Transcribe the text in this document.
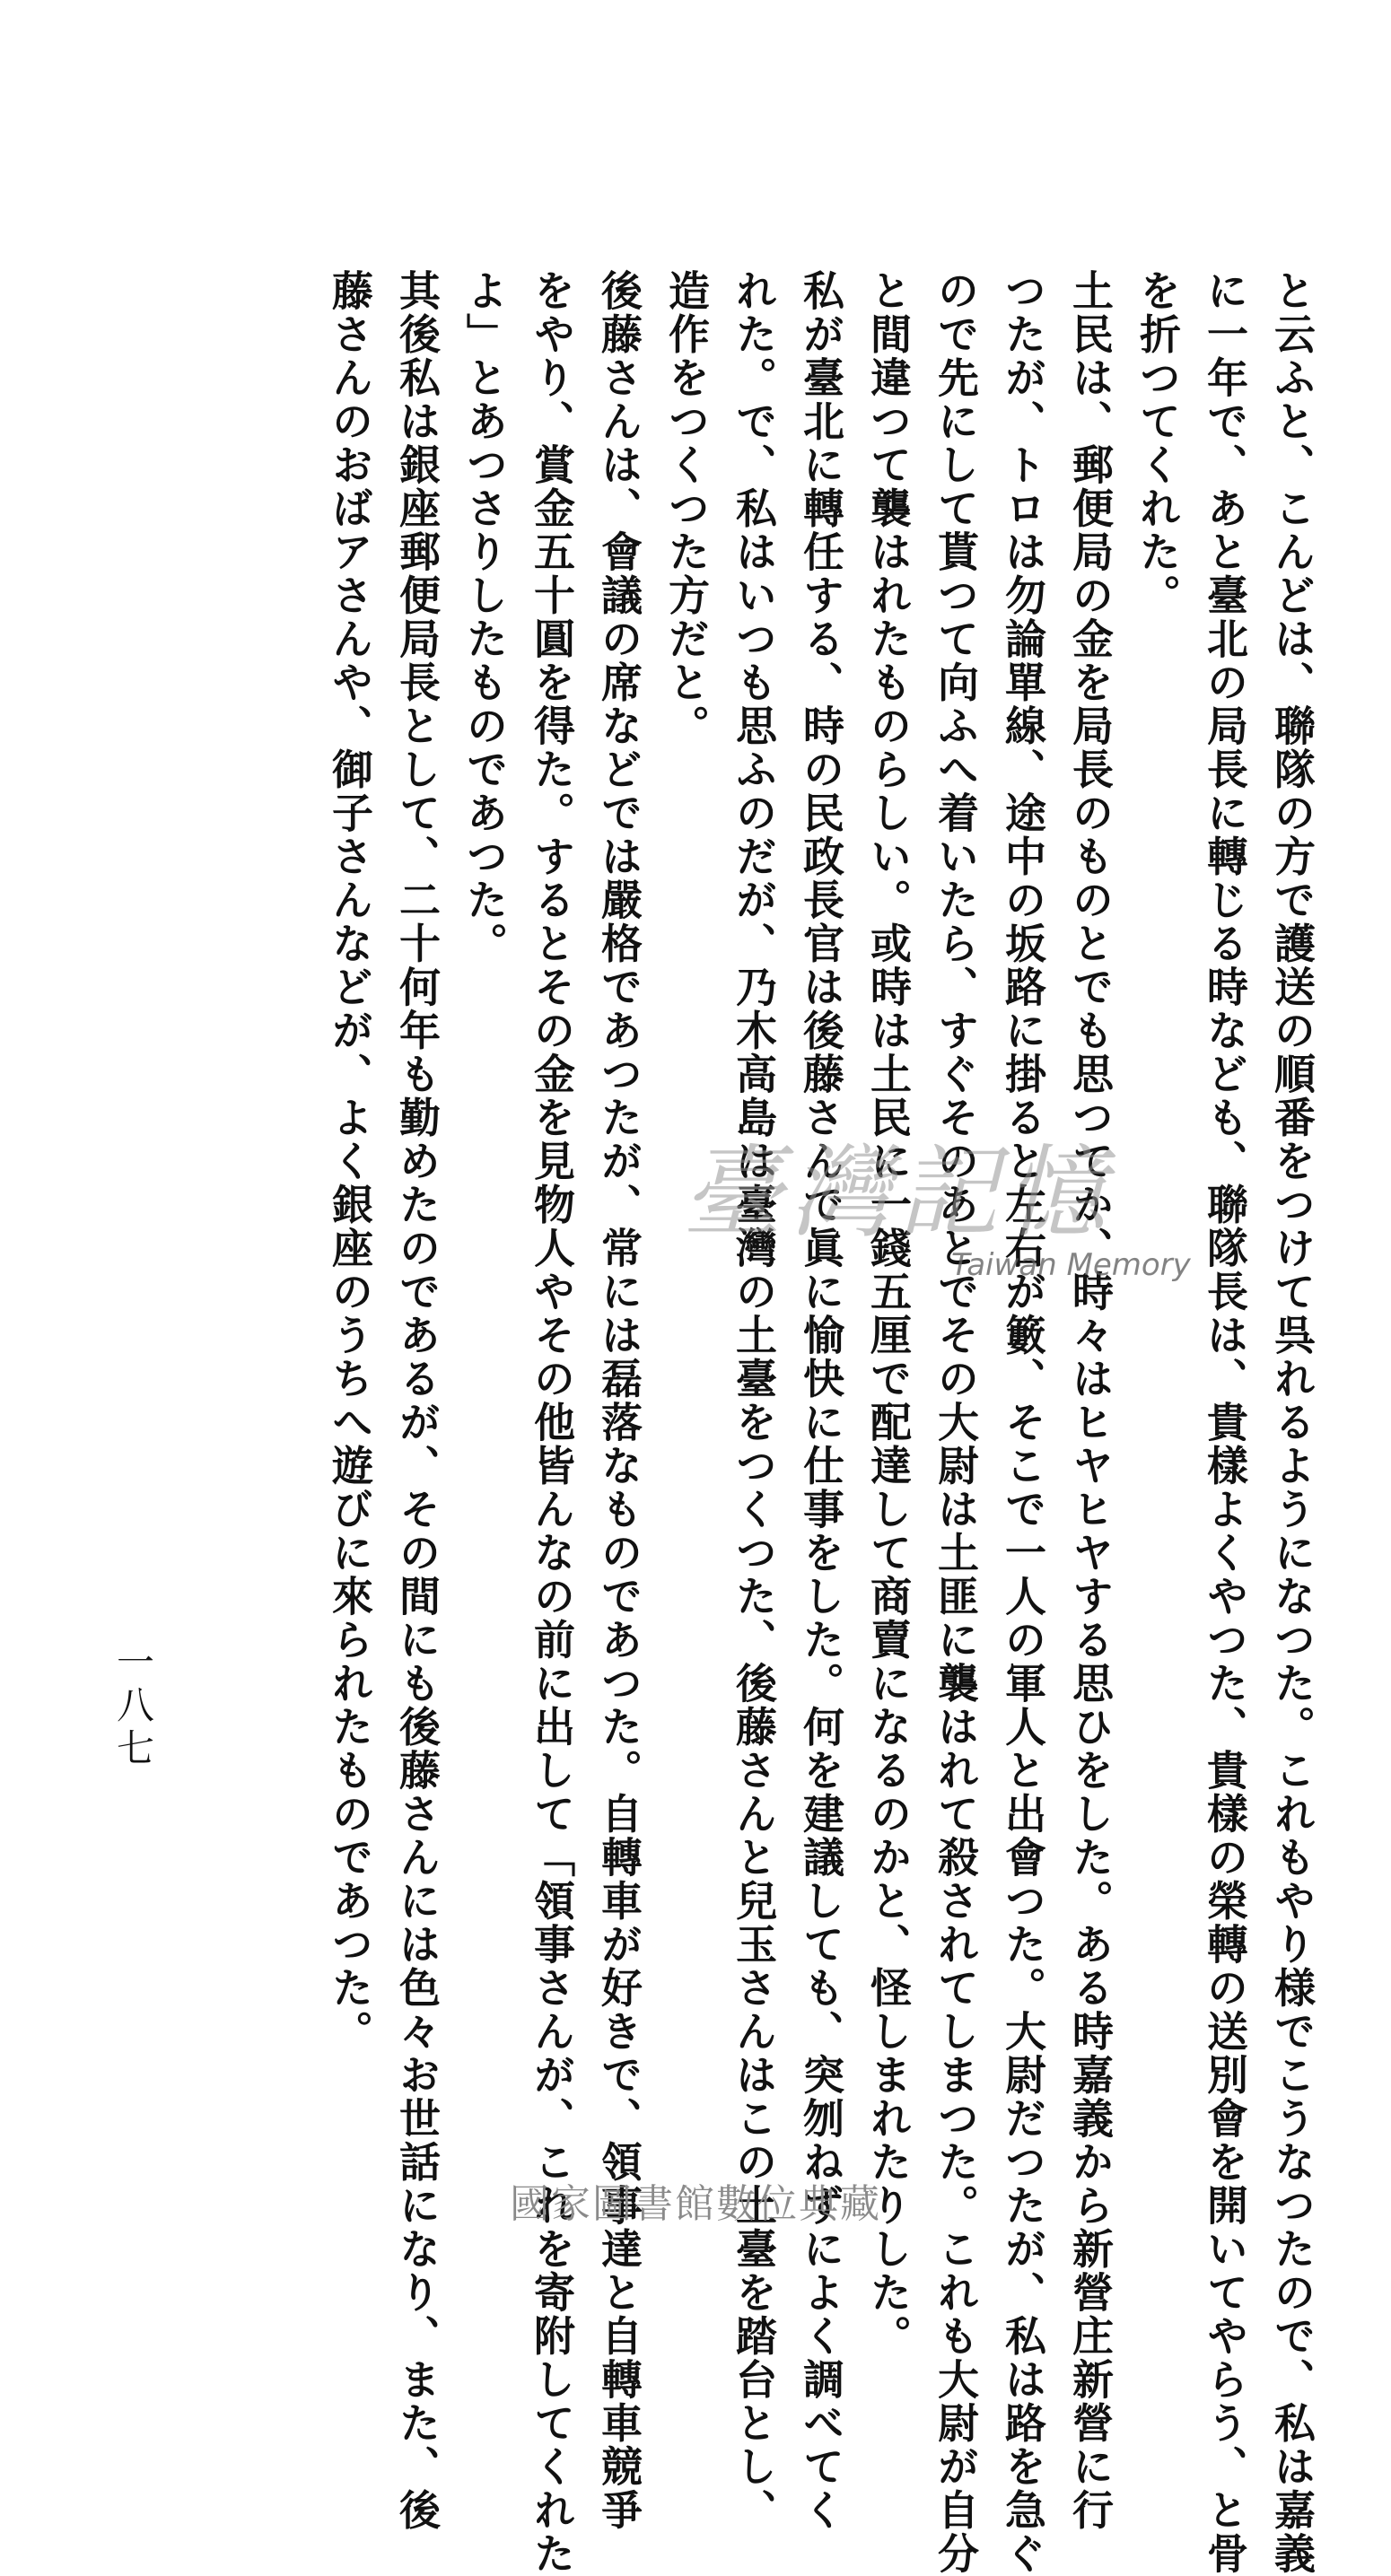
と云ふと、こんどは、聯隊の方で護送の順番をつけて呉れるようになつた。これもやり様でこうなつたので、私は嘉義
に一年で、あと臺北の局長に轉じる時なども、聯隊長は、貴樣よくやつた、貴樣の榮轉の送別會を開いてやらう、と骨
を折つてくれた。
土民は、郵便局の金を局長のものとでも思つてか、時々はヒヤヒヤする思ひをした。ある時嘉義から新營庄新營に行
つたが、トロは勿論單線、途中の坂路に掛ると左右が籔、そこで一人の軍人と出會つた。大尉だつたが、私は路を急ぐ
ので先にして貰つて向ふへ着いたら、すぐそのあとでその大尉は土匪に襲はれて殺されてしまつた。これも大尉が自分
と間違つて襲はれたものらしい。或時は土民に一錢五厘で配達して商賣になるのかと、怪しまれたりした。
私が臺北に轉任する、時の民政長官は後藤さんで眞に愉快に仕事をした。何を建議しても、突刎ねずによく調べてく
れた。で、私はいつも思ふのだが、乃木高島は臺灣の土臺をつくつた、後藤さんと兒玉さんはこの土臺を踏台とし、
造作をつくつた方だと。
後藤さんは、會議の席などでは嚴格であつたが、常には磊落なものであつた。自轉車が好きで、領事達と自轉車競爭
をやり、賞金五十圓を得た。するとその金を見物人やその他皆んなの前に出して「領事さんが、これを寄附してくれた
よ」とあつさりしたものであつた。
其後私は銀座郵便局長として、二十何年も勤めたのであるが、その間にも後藤さんには色々お世話になり、また、後
藤さんのおばアさんや、御子さんなどが、よく銀座のうちへ遊びに來られたものであつた。
一八七
臺灣記憶
Taiwan Memory
國家圖書館數位典藏
